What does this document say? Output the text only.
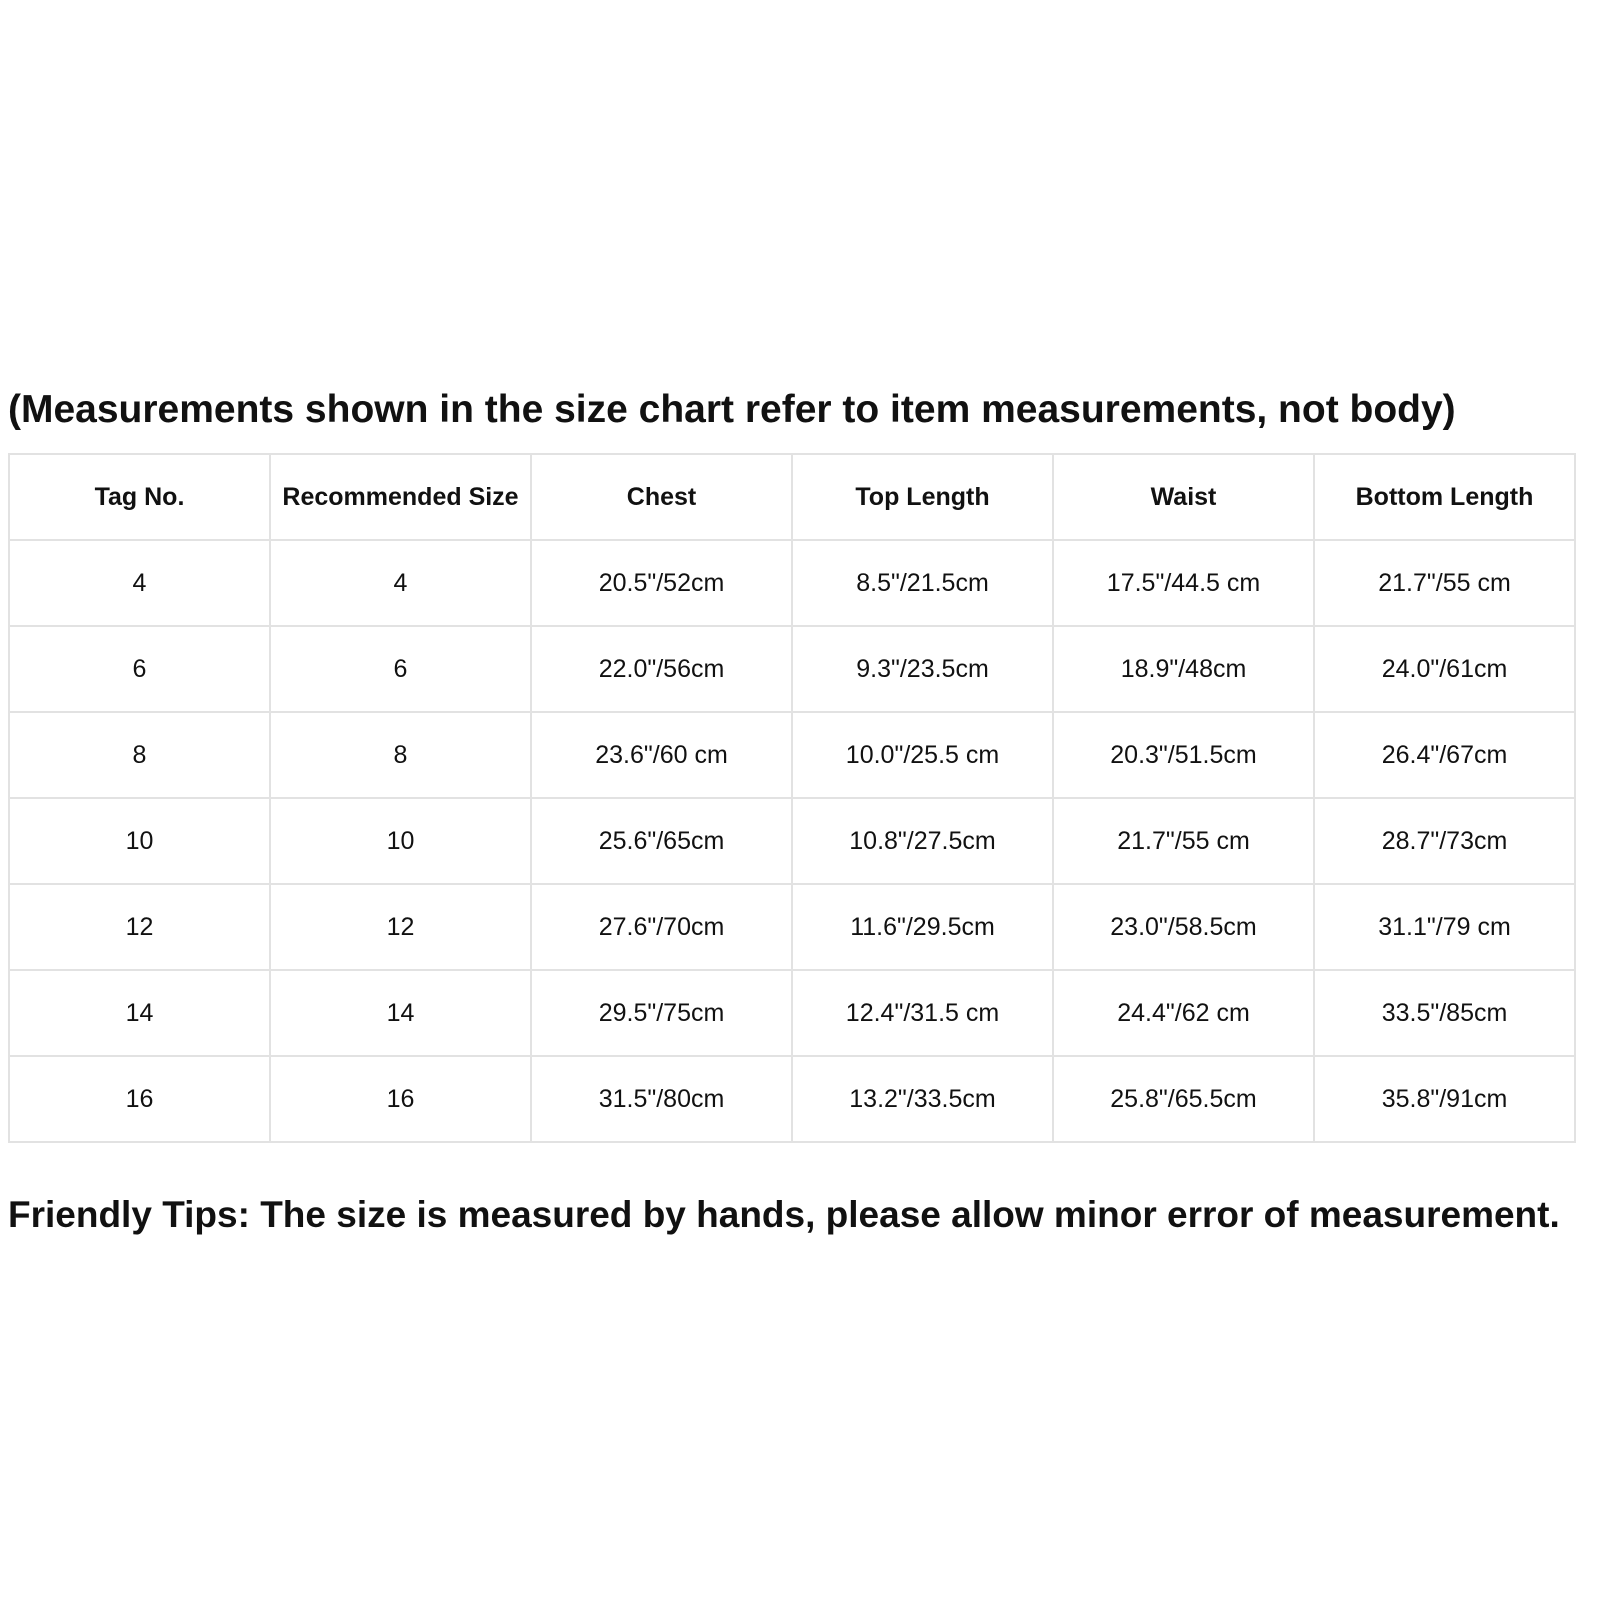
(Measurements shown in the size chart refer to item measurements, not body)
Tag No.	Recommended Size	Chest	Top Length	Waist	Bottom Length
4	4	20.5"/52cm	8.5"/21.5cm	17.5"/44.5 cm	21.7"/55 cm
6	6	22.0"/56cm	9.3"/23.5cm	18.9"/48cm	24.0"/61cm
8	8	23.6"/60 cm	10.0"/25.5 cm	20.3"/51.5cm	26.4"/67cm
10	10	25.6"/65cm	10.8"/27.5cm	21.7"/55 cm	28.7"/73cm
12	12	27.6"/70cm	11.6"/29.5cm	23.0"/58.5cm	31.1"/79 cm
14	14	29.5"/75cm	12.4"/31.5 cm	24.4"/62 cm	33.5"/85cm
16	16	31.5"/80cm	13.2"/33.5cm	25.8"/65.5cm	35.8"/91cm

Friendly Tips: The size is measured by hands, please allow minor error of measurement.
